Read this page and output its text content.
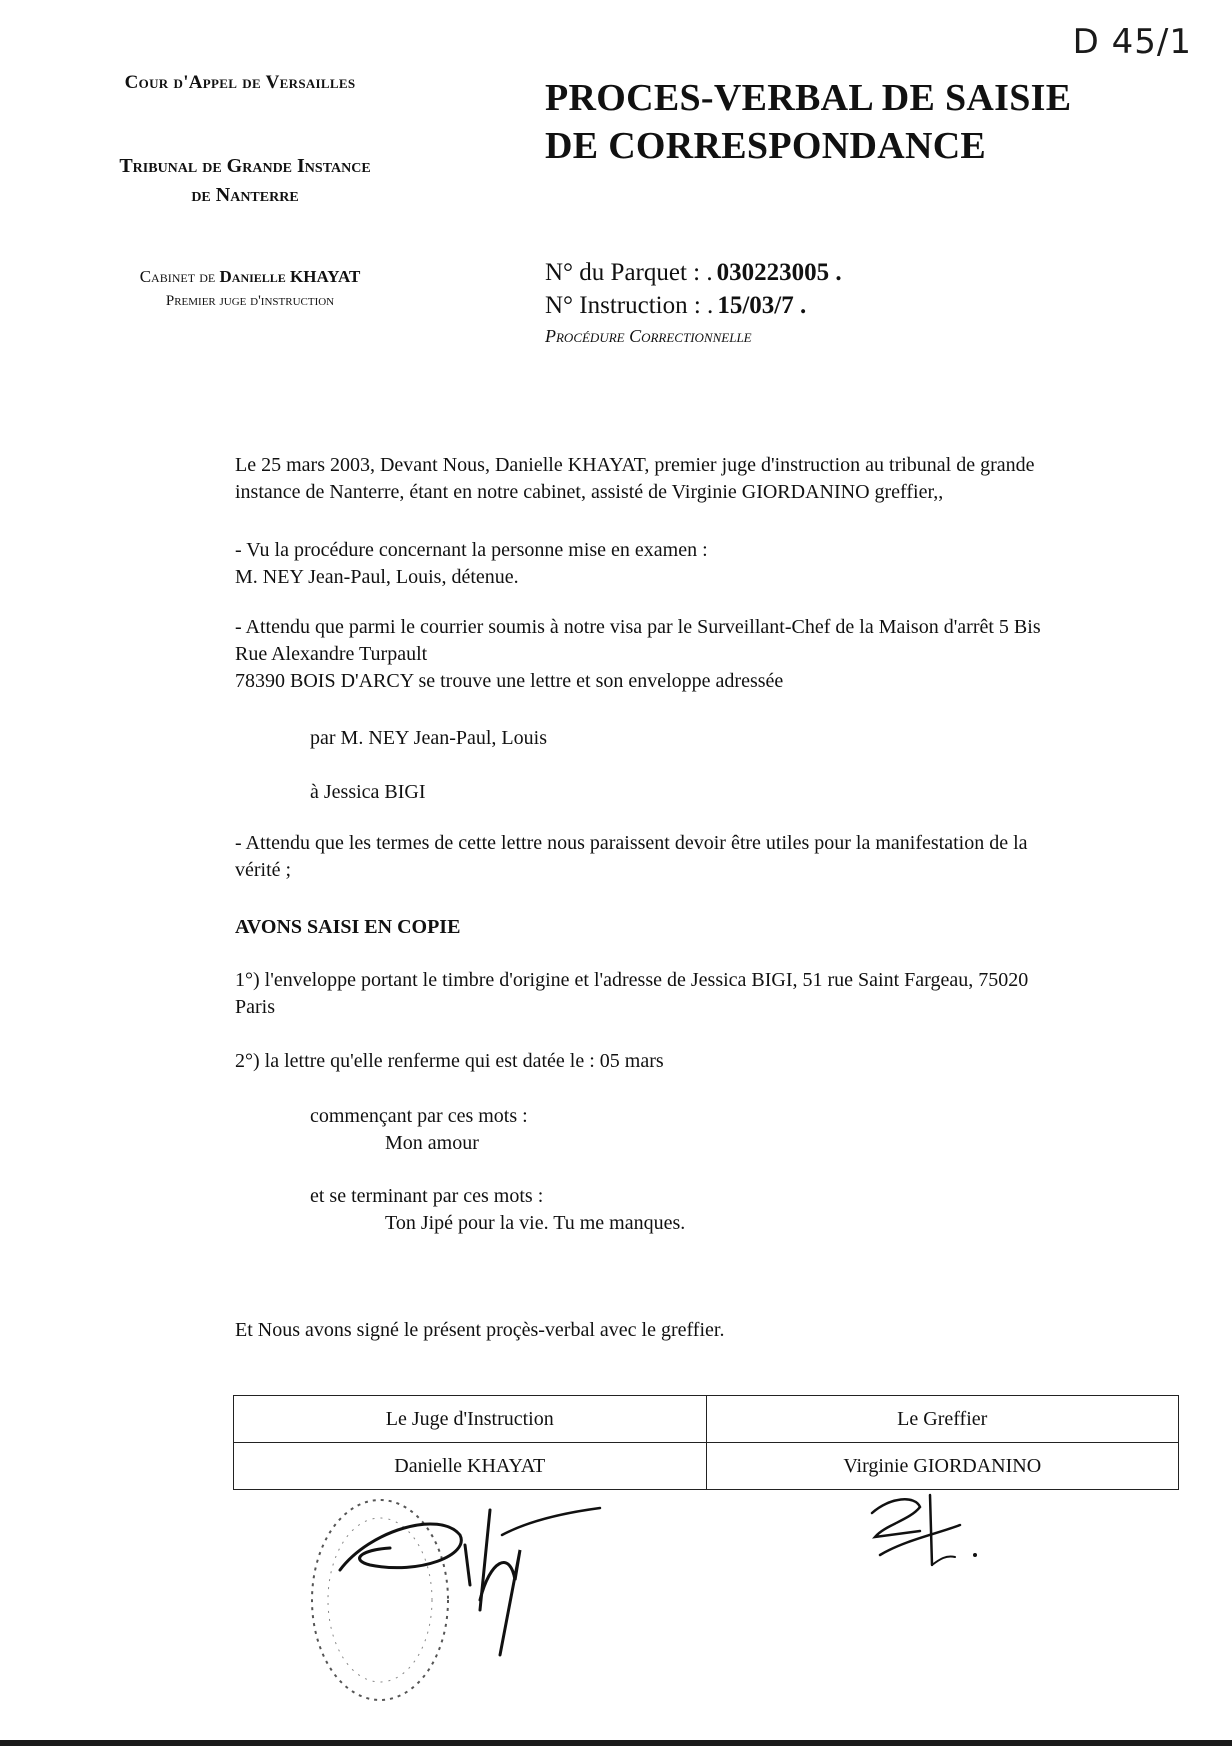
Cour d'Appel de Versailles
Tribunal de Grande Instance
de Nanterre
Cabinet de Danielle KHAYAT
Premier juge d'instruction
D 45/1
PROCES-VERBAL DE SAISIE
DE CORRESPONDANCE
N° du Parquet : . 030223005 .
N° Instruction : . 15/03/7 .
Procédure Correctionnelle
Le 25 mars 2003, Devant Nous, Danielle KHAYAT, premier juge d'instruction au tribunal de grande
instance de Nanterre, étant en notre cabinet, assisté de Virginie GIORDANINO greffier,,
- Vu la procédure concernant la personne mise en examen :
M. NEY Jean-Paul, Louis, détenue.
- Attendu que parmi le courrier soumis à notre visa par le Surveillant-Chef de la Maison d'arrêt 5 Bis
Rue Alexandre Turpault
78390 BOIS D'ARCY se trouve une lettre et son enveloppe adressée
par M. NEY Jean-Paul, Louis
à Jessica BIGI
- Attendu que les termes de cette lettre nous paraissent devoir être utiles pour la manifestation de la
vérité ;
AVONS SAISI EN COPIE
1°) l'enveloppe portant le timbre d'origine et l'adresse de Jessica BIGI, 51 rue Saint Fargeau, 75020
Paris
2°) la lettre qu'elle renferme qui est datée le : 05 mars
commençant par ces mots :
Mon amour
et se terminant par ces mots :
Ton Jipé pour la vie. Tu me manques.
Et Nous avons signé le présent proçès-verbal avec le greffier.
Le Juge d'Instruction	Le Greffier
Danielle KHAYAT	Virginie GIORDANINO
